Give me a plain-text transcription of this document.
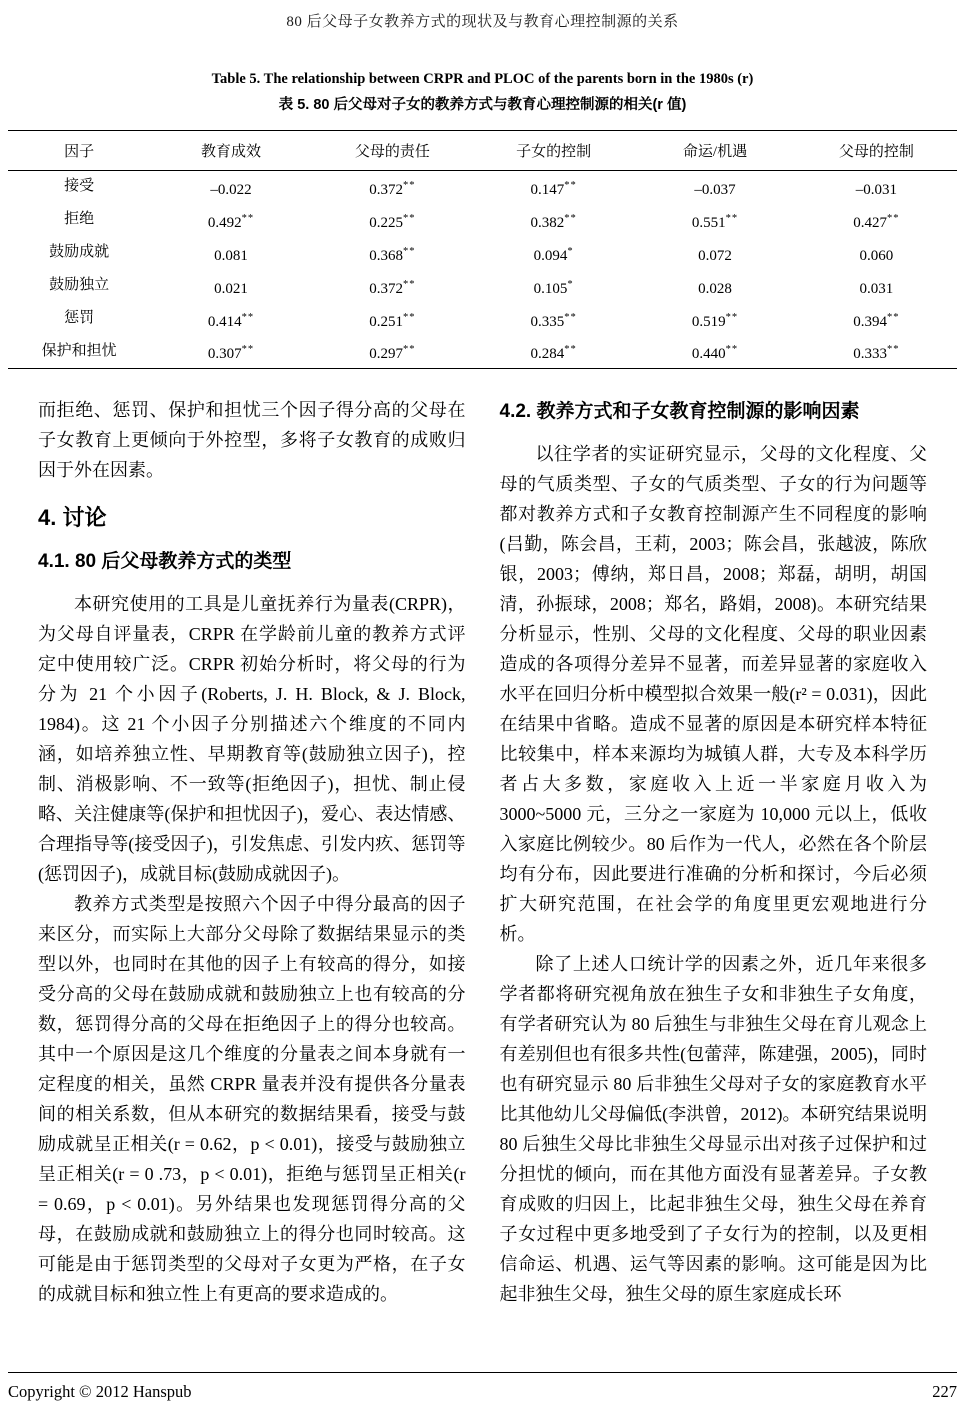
80 后父母子女教养方式的现状及与教育心理控制源的关系
Table 5. The relationship between CRPR and PLOC of the parents born in the 1980s (r)
表 5. 80 后父母对子女的教养方式与教育心理控制源的相关(r 值)
因子	教育成效	父母的责任	子女的控制	命运/机遇	父母的控制
接受	–0.022	0.372**	0.147**	–0.037	–0.031
拒绝	0.492**	0.225**	0.382**	0.551**	0.427**
鼓励成就	0.081	0.368**	0.094*	0.072	0.060
鼓励独立	0.021	0.372**	0.105*	0.028	0.031
惩罚	0.414**	0.251**	0.335**	0.519**	0.394**
保护和担忧	0.307**	0.297**	0.284**	0.440**	0.333**

而拒绝、惩罚、保护和担忧三个因子得分高的父母在子女教育上更倾向于外控型，多将子女教育的成败归因于外在因素。

4. 讨论
4.1. 80 后父母教养方式的类型

本研究使用的工具是儿童抚养行为量表(CRPR)，为父母自评量表，CRPR 在学龄前儿童的教养方式评定中使用较广泛。CRPR 初始分析时，将父母的行为分为 21 个小因子(Roberts, J. H. Block, & J. Block, 1984)。这 21 个小因子分别描述六个维度的不同内涵，如培养独立性、早期教育等(鼓励独立因子)，控制、消极影响、不一致等(拒绝因子)，担忧、制止侵略、关注健康等(保护和担忧因子)，爱心、表达情感、合理指导等(接受因子)，引发焦虑、引发内疚、惩罚等(惩罚因子)，成就目标(鼓励成就因子)。

教养方式类型是按照六个因子中得分最高的因子来区分，而实际上大部分父母除了数据结果显示的类型以外，也同时在其他的因子上有较高的得分，如接受分高的父母在鼓励成就和鼓励独立上也有较高的分数，惩罚得分高的父母在拒绝因子上的得分也较高。其中一个原因是这几个维度的分量表之间本身就有一定程度的相关，虽然 CRPR 量表并没有提供各分量表间的相关系数，但从本研究的数据结果看，接受与鼓励成就呈正相关(r = 0.62，p < 0.01)，接受与鼓励独立呈正相关(r = 0 .73，p < 0.01)，拒绝与惩罚呈正相关(r = 0.69，p < 0.01)。另外结果也发现惩罚得分高的父母，在鼓励成就和鼓励独立上的得分也同时较高。这可能是由于惩罚类型的父母对子女更为严格，在子女的成就目标和独立性上有更高的要求造成的。

4.2. 教养方式和子女教育控制源的影响因素

以往学者的实证研究显示，父母的文化程度、父母的气质类型、子女的气质类型、子女的行为问题等都对教养方式和子女教育控制源产生不同程度的影响(吕勤，陈会昌，王莉，2003；陈会昌，张越波，陈欣银，2003；傅纳，郑日昌，2008；郑磊，胡明，胡国清，孙振球，2008；郑名，路娟，2008)。本研究结果分析显示，性别、父母的文化程度、父母的职业因素造成的各项得分差异不显著，而差异显著的家庭收入水平在回归分析中模型拟合效果一般(r² = 0.031)，因此在结果中省略。造成不显著的原因是本研究样本特征比较集中，样本来源均为城镇人群，大专及本科学历者占大多数，家庭收入上近一半家庭月收入为 3000~5000 元，三分之一家庭为 10,000 元以上，低收入家庭比例较少。80 后作为一代人，必然在各个阶层均有分布，因此要进行准确的分析和探讨，今后必须扩大研究范围，在社会学的角度里更宏观地进行分析。

除了上述人口统计学的因素之外，近几年来很多学者都将研究视角放在独生子女和非独生子女角度，有学者研究认为 80 后独生与非独生父母在育儿观念上有差别但也有很多共性(包蕾萍，陈建强，2005)，同时也有研究显示 80 后非独生父母对子女的家庭教育水平比其他幼儿父母偏低(李洪曾，2012)。本研究结果说明 80 后独生父母比非独生父母显示出对孩子过保护和过分担忧的倾向，而在其他方面没有显著差异。子女教育成败的归因上，比起非独生父母，独生父母在养育子女过程中更多地受到了子女行为的控制，以及更相信命运、机遇、运气等因素的影响。这可能是因为比起非独生父母，独生父母的原生家庭成长环

Copyright © 2012 Hanspub	227
